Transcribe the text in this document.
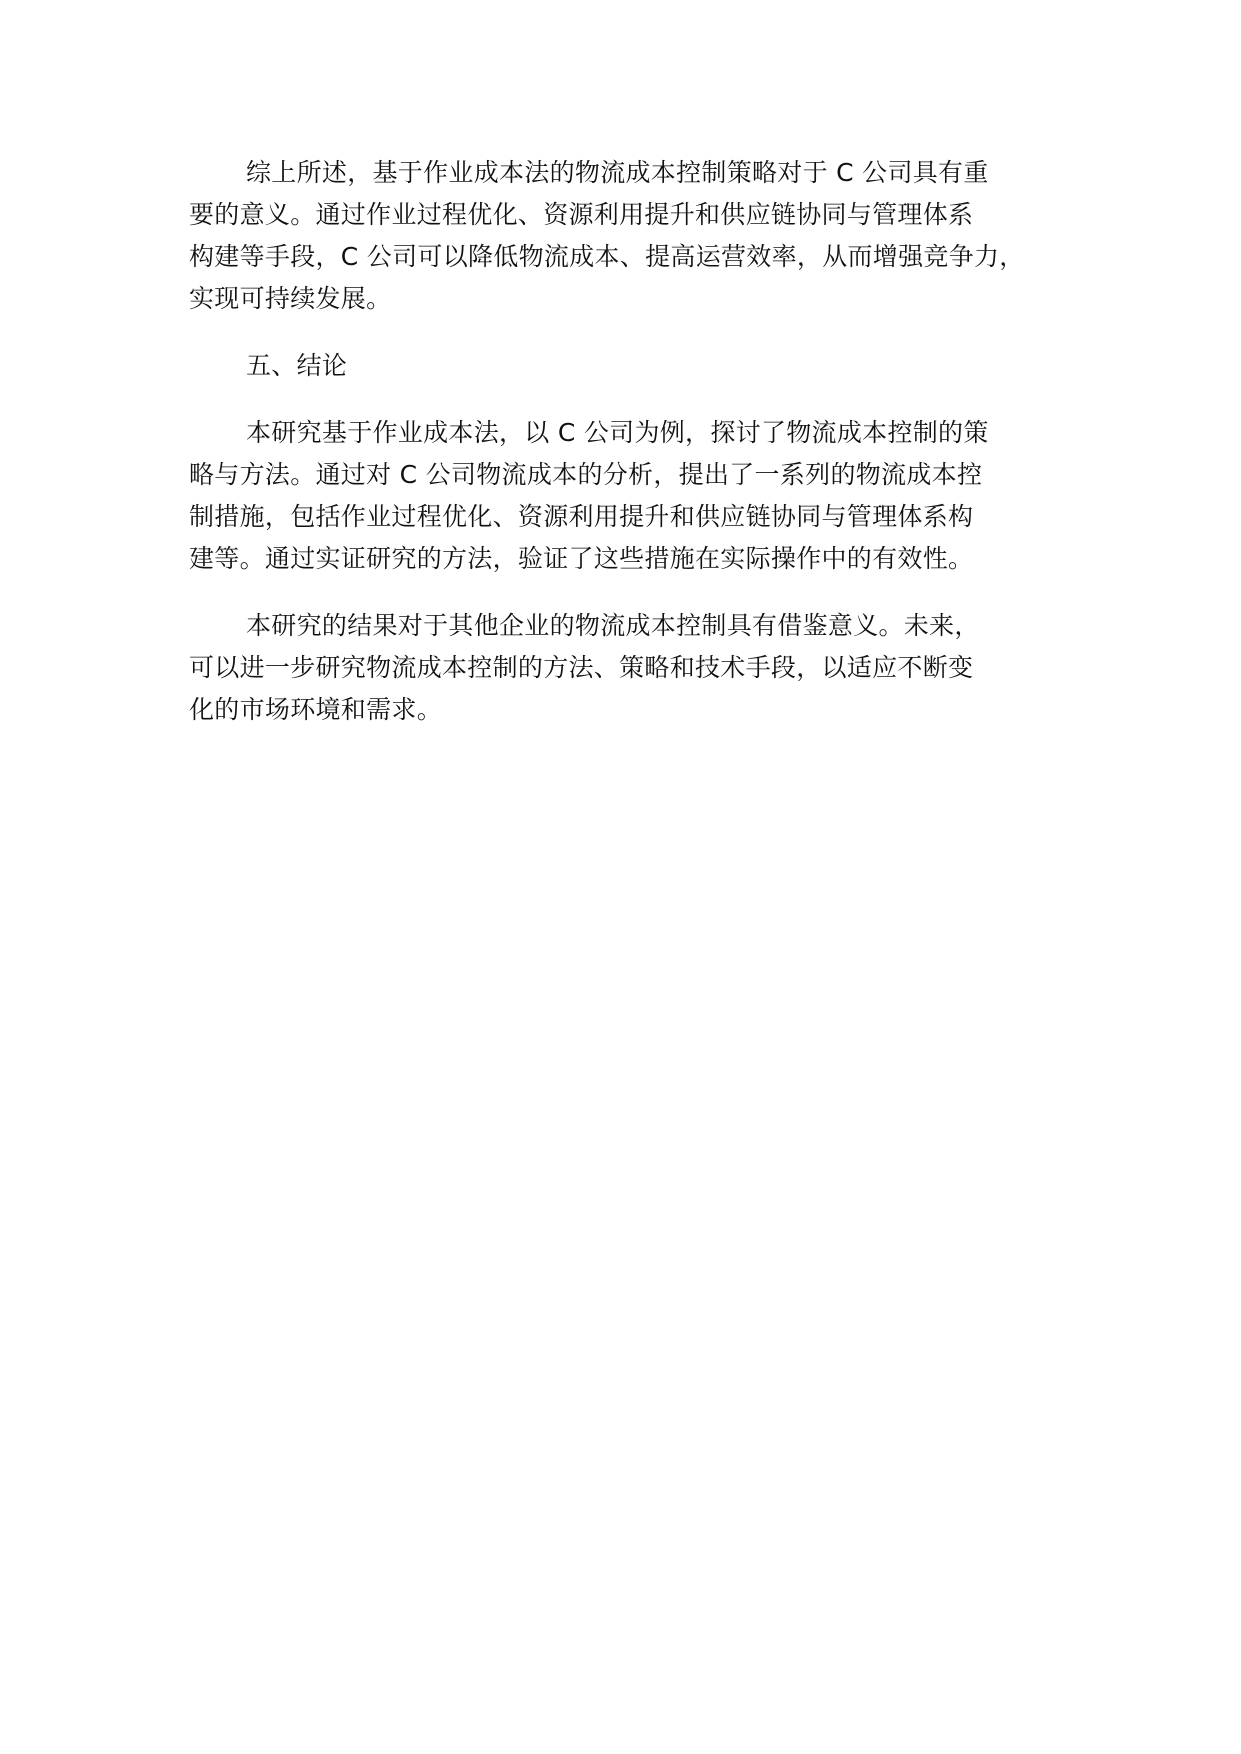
综上所述，基于作业成本法的物流成本控制策略对于 C 公司具有重
要的意义。通过作业过程优化、资源利用提升和供应链协同与管理体系
构建等手段，C 公司可以降低物流成本、提高运营效率，从而增强竞争力，
实现可持续发展。
五、结论
本研究基于作业成本法，以 C 公司为例，探讨了物流成本控制的策
略与方法。通过对 C 公司物流成本的分析，提出了一系列的物流成本控
制措施，包括作业过程优化、资源利用提升和供应链协同与管理体系构
建等。通过实证研究的方法，验证了这些措施在实际操作中的有效性。
本研究的结果对于其他企业的物流成本控制具有借鉴意义。未来，
可以进一步研究物流成本控制的方法、策略和技术手段，以适应不断变
化的市场环境和需求。
